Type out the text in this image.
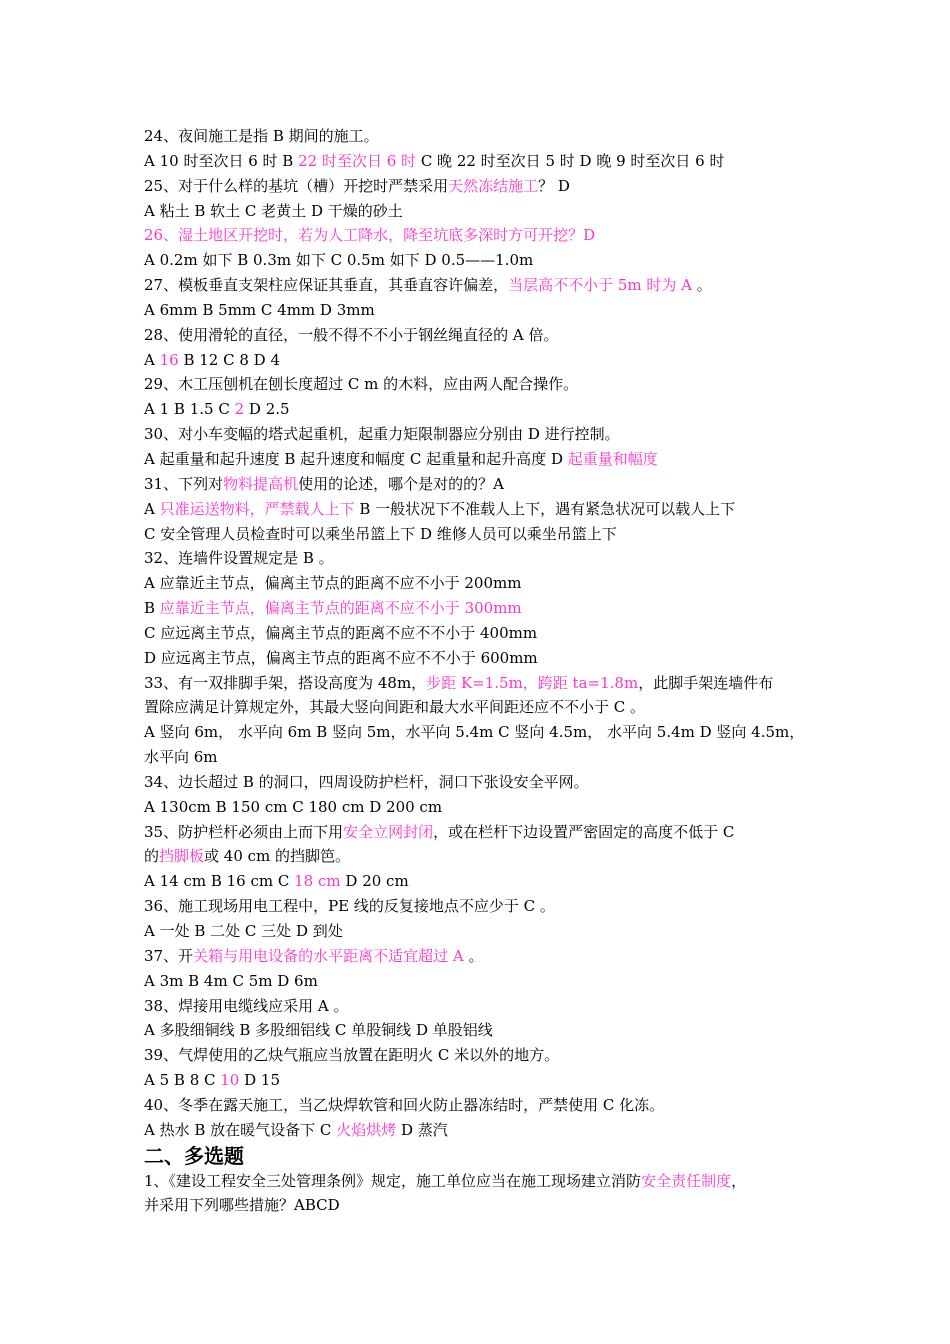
24、夜间施工是指 B 期间的施工。
A 10 时至次日 6 时 B 22 时至次日 6 时 C 晚 22 时至次日 5 时 D 晚 9 时至次日 6 时
25、对于什么样的基坑（槽）开挖时严禁采用天然冻结施工？ D
A 粘土 B 软土 C 老黄土 D 干燥的砂土
26、湿土地区开挖时，若为人工降水，降至坑底多深时方可开挖？D
A 0.2m 如下 B 0.3m 如下 C 0.5m 如下 D 0.5——1.0m
27、模板垂直支架柱应保证其垂直，其垂直容许偏差，当层高不不小于 5m 时为 A 。
A 6mm B 5mm C 4mm D 3mm
28、使用滑轮的直径，一般不得不不小于钢丝绳直径的 A 倍。
A 16 B 12 C 8 D 4
29、木工压刨机在刨长度超过 C m 的木料，应由两人配合操作。
A 1 B 1.5 C 2 D 2.5
30、对小车变幅的塔式起重机，起重力矩限制器应分别由 D 进行控制。
A 起重量和起升速度 B 起升速度和幅度 C 起重量和起升高度 D 起重量和幅度
31、下列对物料提高机使用的论述，哪个是对的的？A
A 只准运送物料，严禁载人上下 B 一般状况下不准载人上下，遇有紧急状况可以载人上下
C 安全管理人员检查时可以乘坐吊篮上下 D 维修人员可以乘坐吊篮上下
32、连墙件设置规定是 B 。
A 应靠近主节点，偏离主节点的距离不应不小于 200mm
B 应靠近主节点，偏离主节点的距离不应不小于 300mm
C 应远离主节点，偏离主节点的距离不应不不小于 400mm
D 应远离主节点，偏离主节点的距离不应不不小于 600mm
33、有一双排脚手架，搭设高度为 48m，步距 K=1.5m，跨距 ta=1.8m，此脚手架连墙件布
置除应满足计算规定外，其最大竖向间距和最大水平间距还应不不小于 C 。
A 竖向 6m， 水平向 6m B 竖向 5m，水平向 5.4m C 竖向 4.5m， 水平向 5.4m D 竖向 4.5m，
水平向 6m
34、边长超过 B 的洞口，四周设防护栏杆，洞口下张设安全平网。
A 130cm B 150 cm C 180 cm D 200 cm
35、防护栏杆必须由上而下用安全立网封闭，或在栏杆下边设置严密固定的高度不低于 C
的挡脚板或 40 cm 的挡脚笆。
A 14 cm B 16 cm C 18 cm D 20 cm
36、施工现场用电工程中，PE 线的反复接地点不应少于 C 。
A 一处 B 二处 C 三处 D 到处
37、开关箱与用电设备的水平距离不适宜超过 A 。
A 3m B 4m C 5m D 6m
38、焊接用电缆线应采用 A 。
A 多股细铜线 B 多股细铝线 C 单股铜线 D 单股铝线
39、气焊使用的乙炔气瓶应当放置在距明火 C 米以外的地方。
A 5 B 8 C 10 D 15
40、冬季在露天施工，当乙炔焊软管和回火防止器冻结时，严禁使用 C 化冻。
A 热水 B 放在暖气设备下 C 火焰烘烤 D 蒸汽
二、多选题
1、《建设工程安全三处管理条例》规定，施工单位应当在施工现场建立消防安全责任制度，
并采用下列哪些措施？ABCD
